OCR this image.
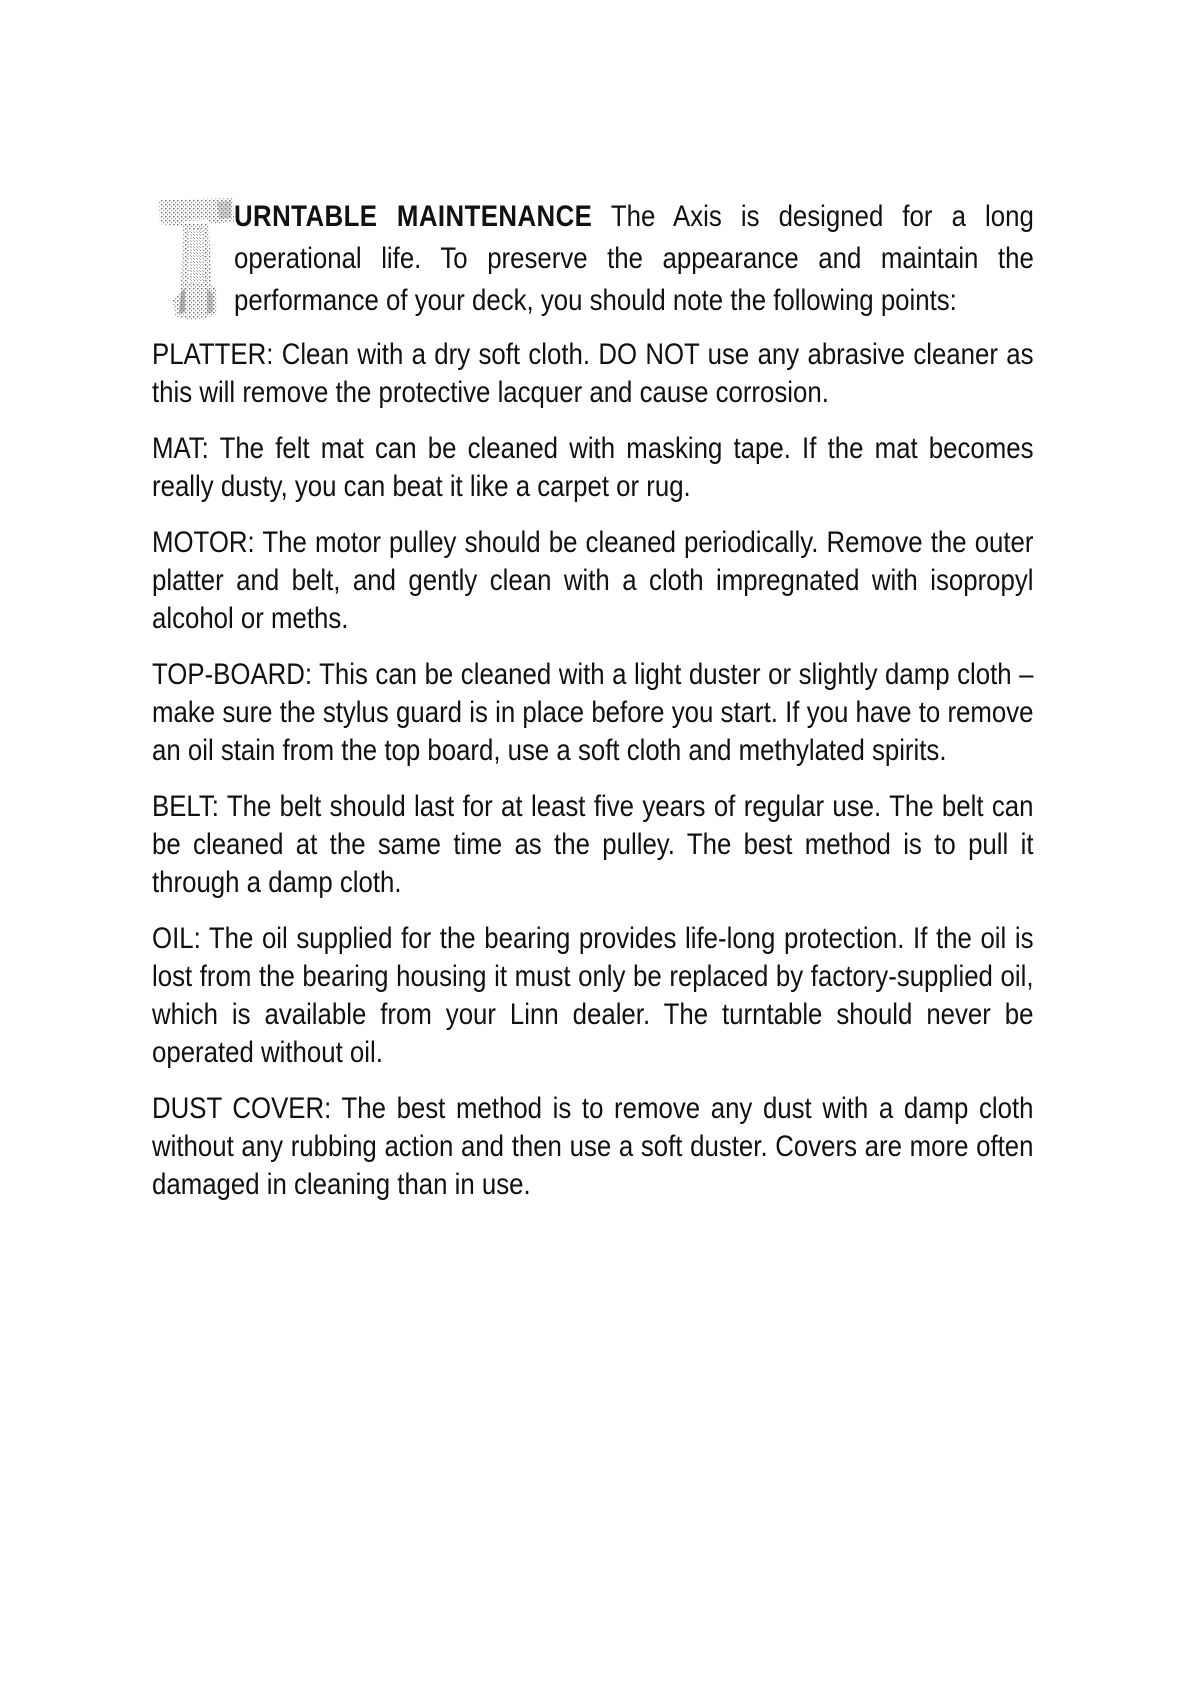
URNTABLE MAINTENANCE The Axis is designed for a long operational life. To preserve the appearance and maintain the performance of your deck, you should note the following points:

PLATTER: Clean with a dry soft cloth. DO NOT use any abrasive cleaner as this will remove the protective lacquer and cause corrosion.

MAT: The felt mat can be cleaned with masking tape. If the mat becomes really dusty, you can beat it like a carpet or rug.

MOTOR: The motor pulley should be cleaned periodically. Remove the outer platter and belt, and gently clean with a cloth impregnated with isopropyl alcohol or meths.

TOP-BOARD: This can be cleaned with a light duster or slightly damp cloth – make sure the stylus guard is in place before you start. If you have to remove an oil stain from the top board, use a soft cloth and methylated spirits.

BELT: The belt should last for at least five years of regular use. The belt can be cleaned at the same time as the pulley. The best method is to pull it through a damp cloth.

OIL: The oil supplied for the bearing provides life-long protection. If the oil is lost from the bearing housing it must only be replaced by factory-supplied oil, which is available from your Linn dealer. The turntable should never be operated without oil.

DUST COVER: The best method is to remove any dust with a damp cloth without any rubbing action and then use a soft duster. Covers are more often damaged in cleaning than in use.
